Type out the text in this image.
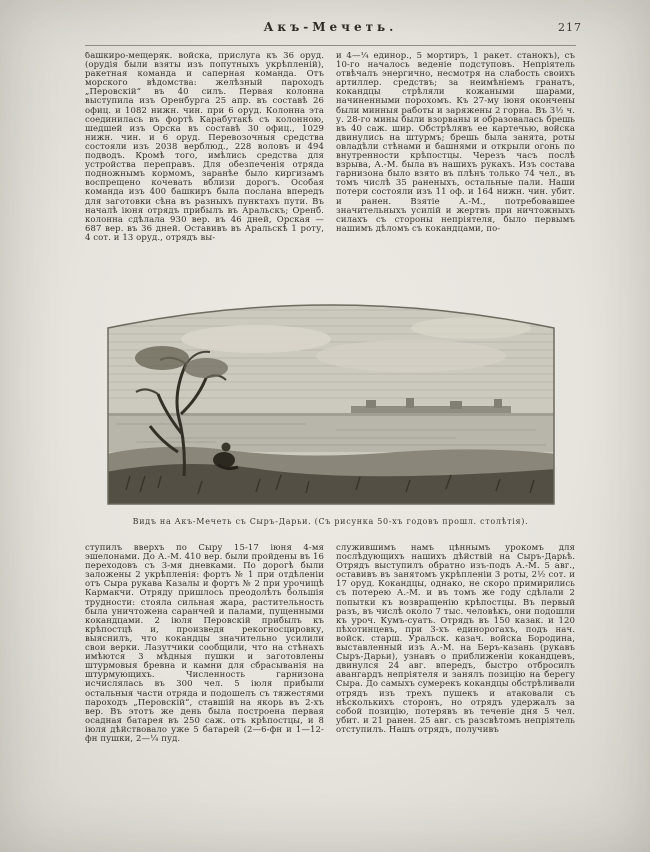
Акъ-Мечеть.	217
башкиро-мещеряк. войска, прислуга къ 36 оруд. (орудія были взяты изъ попутныхъ укрѣпленій), ракетная команда и саперная команда. Отъ морского вѣдомства: желѣзный пароходъ „Перовскій“ въ 40 силъ. Первая колонна выступила изъ Оренбурга 25 апр. въ составѣ 26 офиц. и 1082 нижн. чин. при 6 оруд. Колонна эта соединилась въ фортѣ Карабутакѣ съ колонною, шедшей изъ Орска въ составѣ 30 офиц., 1029 нижн. чин. и 6 оруд. Перевозочныя средства состояли изъ 2038 верблюд., 228 воловъ и 494 подводъ. Кромѣ того, имѣлись средства для устройства переправъ. Для обезпеченія отряда подножнымъ кормомъ, заранѣе было киргизамъ воспрещено кочевать вблизи дорогъ. Особая команда изъ 400 башкиръ была послана впередъ для заготовки сѣна въ разныхъ пунктахъ пути. Въ началѣ іюня отрядъ прибылъ въ Аральскъ; Оренб. колонна сдѣлала 930 вер. въ 46 дней, Орская — 687 вер. въ 36 дней. Оставивъ въ Аральскѣ 1 роту, 4 сот. и 13 оруд., отрядъ вы-
и 4—¼ единор., 5 мортиръ, 1 ракет. станокъ), съ 10-го началось веденіе подступовъ. Непріятель отвѣчалъ энергично, несмотря на слабость своихъ артиллер. средствъ; за неимѣніемъ гранатъ, кокандцы стрѣляли кожаными шарами, начиненными порохомъ. Къ 27-му іюня окончены были минныя работы и заряжены 2 горна. Въ 3½ ч. у. 28-го мины были взорваны и образовалась брешь въ 40 саж. шир. Обстрѣлявъ ее картечью, войска двинулись на штурмъ; брешь была занята, роты овладѣли стѣнами и башнями и открыли огонь по внутренности крѣпостцы. Черезъ часъ послѣ взрыва, А.-М. была въ нашихъ рукахъ. Изъ состава гарнизона было взято въ плѣнъ только 74 чел., въ томъ числѣ 35 раненыхъ, остальные пали. Наши потери состояли изъ 11 оф. и 164 нижн. чин. убит. и ранен. Взятіе А.-М., потребовавшее значительныхъ усилій и жертвъ при ничтожныхъ силахъ съ стороны непріятеля, было первымъ нашимъ дѣломъ съ кокандцами, по-
Видъ на Акъ-Мечеть съ Сыръ-Дарьи. (Съ рисунка 50-хъ годовъ прошл. столѣтія).
ступилъ вверхъ по Сыру 15-17 іюня 4-мя эшелонами. До А.-М. 410 вер. были пройдены въ 16 переходовъ съ 3-мя дневками. По дорогѣ были заложены 2 укрѣпленія: фортъ № 1 при отдѣленіи отъ Сыра рукава Казалы и фортъ № 2 при урочищѣ Кармакчи. Отряду пришлось преодолѣть большія трудности: стояла сильная жара, растительность была уничтожена саранчей и палами, пущенными кокандцами. 2 іюля Перовскій прибылъ къ крѣпостцѣ и, произведя рекогносцировку, выяснилъ, что кокандцы значительно усилили свои верки. Лазутчики сообщили, что на стѣнахъ имѣются 3 мѣдныя пушки и заготовлены штурмовыя бревна и камни для сбрасыванія на штурмующихъ. Численность гарнизона исчислялась въ 300 чел. 5 іюля прибыли остальныя части отряда и подошелъ съ тяжестями пароходъ „Перовскій“, ставшій на якорь въ 2-хъ вер. Въ этотъ же день была построена первая осадная батарея въ 250 саж. отъ крѣпостцы, и 8 іюля дѣйствовало уже 5 батарей (2—6-фн и 1—12-фн пушки, 2—¼ пуд.
служившимъ намъ цѣннымъ урокомъ для послѣдующихъ нашихъ дѣйствій на Сыръ-Дарьѣ. Отрядъ выступилъ обратно изъ-подъ А.-М. 5 авг., оставивъ въ занятомъ укрѣпленіи 3 роты, 2½ сот. и 17 оруд. Кокандцы, однако, не скоро примирились съ потерею А.-М. и въ томъ же году сдѣлали 2 попытки къ возвращенію крѣпостцы. Въ первый разъ, въ числѣ около 7 тыс. человѣкъ, они подошли къ уроч. Кумъ-суатъ. Отрядъ въ 150 казак. и 120 пѣхотинцевъ, при 3-хъ единорогахъ, подъ нач. войск. старш. Уральск. казач. войска Бородина, выставленный изъ А.-М. на Беръ-казань (рукавъ Сыръ-Дарьи), узнавъ о приближеніи кокандцевъ, двинулся 24 авг. впередъ, быстро отбросилъ авангардъ непріятеля и занялъ позицію на берегу Сыра. До самыхъ сумерекъ кокандцы обстрѣливали отрядъ изъ трехъ пушекъ и атаковали съ нѣсколькихъ сторонъ, но отрядъ удержалъ за собой позицію, потерявъ въ теченіе дня 5 чел. убит. и 21 ранен. 25 авг. съ разсвѣтомъ непріятель отступилъ. Нашъ отрядъ, получивъ
